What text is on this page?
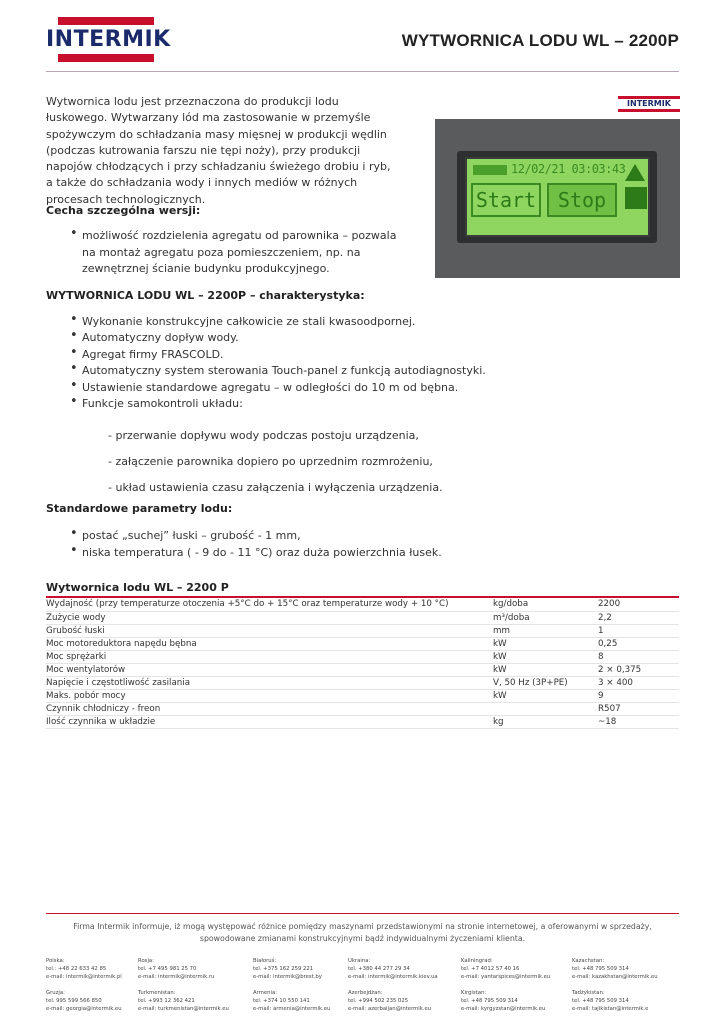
INTERMIK	WYTWORNICA LODU WL – 2200P

Wytwornica lodu jest przeznaczona do produkcji lodu łuskowego. Wytwarzany lód ma zastosowanie w przemyśle spożywczym do schładzania masy mięsnej w produkcji wędlin (podczas kutrowania farszu nie tępi noży), przy produkcji napojów chłodzących i przy schładzaniu świeżego drobiu i ryb, a także do schładzania wody i innych mediów w różnych procesach technologicznych.

INTERMIK
12/02/21 03:03:43
Start	Stop
Cecha szczególna wersji:
• możliwość rozdzielenia agregatu od parownika – pozwala na montaż agregatu poza pomieszczeniem, np. na zewnętrznej ścianie budynku produkcyjnego.
WYTWORNICA LODU WL – 2200P – charakterystyka:
• Wykonanie konstrukcyjne całkowicie ze stali kwasoodpornej.
• Automatyczny dopływ wody.
• Agregat firmy FRASCOLD.
• Automatyczny system sterowania Touch-panel z funkcją autodiagnostyki.
• Ustawienie standardowe agregatu – w odległości do 10 m od bębna.
• Funkcje samokontroli układu:
- przerwanie dopływu wody podczas postoju urządzenia,
- załączenie parownika dopiero po uprzednim rozmrożeniu,
- układ ustawienia czasu załączenia i wyłączenia urządzenia.
Standardowe parametry lodu:
• postać „suchej” łuski – grubość - 1 mm,
• niska temperatura ( - 9 do - 11 °C) oraz duża powierzchnia łusek.
Wytwornica lodu WL – 2200 P
Wydajność (przy temperaturze otoczenia +5°C do + 15°C oraz temperaturze wody + 10 °C)	kg/doba	2200
Zużycie wody	m³/doba	2,2
Grubość łuski	mm	1
Moc motoreduktora napędu bębna	kW	0,25
Moc sprężarki	kW	8
Moc wentylatorów	kW	2 × 0,375
Napięcie i częstotliwość zasilania	V, 50 Hz (3P+PE)	3 × 400
Maks. pobór mocy	kW	9
Czynnik chłodniczy - freon		R507
Ilość czynnika w układzie	kg	~18
Firma Intermik informuje, iż mogą występować różnice pomiędzy maszynami przedstawionymi na stronie internetowej, a oferowanymi w sprzedaży, spowodowane zmianami konstrukcyjnymi bądź indywidualnymi życzeniami klienta.
Polska:
tel.: +48 22 633 42 85
e-mail: intermik@intermik.pl
Rosja:
tel. +7 495 981 25 70
e-mail: intermik@intermik.ru
Białoruś:
tel. +375 162 259 221
e-mail: intermik@brest.by
Ukraina:
tel. +380 44 277 29 34
e-mail: intermik@intermik.kiev.ua
Kaliningrad:
tel. +7 4012 57 40 16
e-mail: yantarspices@intermik.eu
Kazachstan:
tel. +48 795 509 314
e-mail: kazakhstan@intermik.eu
Gruzja:
tel. 995 599 566 850
e-mail: georgia@intermik.eu
Turkmenistan:
tel. +993 12 362 421
e-mail: turkmenistan@intermik.eu
Armenia:
tel. +374 10 550 141
e-mail: armenia@intermik.eu
Azerbejdżan:
tel. +994 502 235 025
e-mail: azerbaijan@intermik.eu
Kirgistan:
tel. +48 795 509 314
e-mail: kyrgyzstan@intermik.eu
Tadżykistan:
tel. +48 795 509 314
e-mail: tajikistan@intermik.e
